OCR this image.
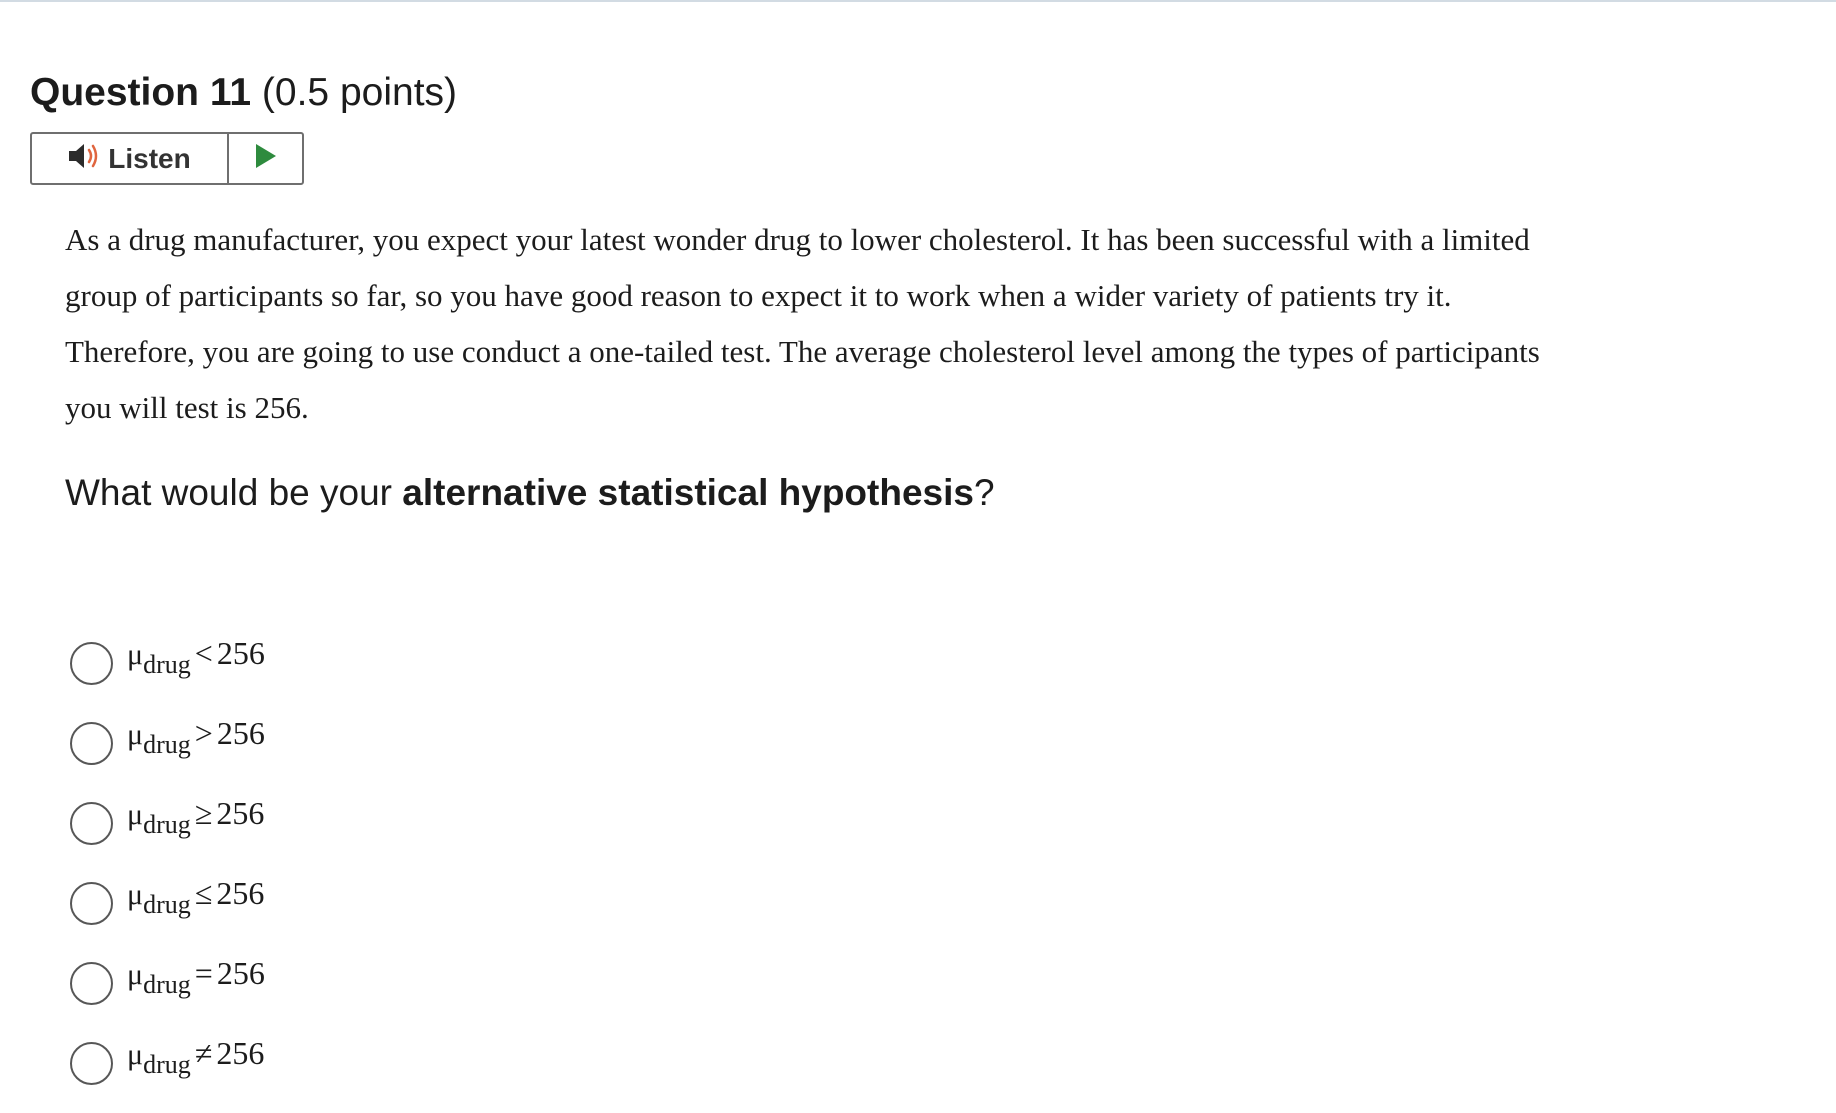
Question 11 (0.5 points)
Listen

As a drug manufacturer, you expect your latest wonder drug to lower cholesterol. It has been successful with a limited group of participants so far, so you have good reason to expect it to work when a wider variety of patients try it. Therefore, you are going to use conduct a one-tailed test. The average cholesterol level among the types of participants you will test is 256.

What would be your alternative statistical hypothesis?
μ drug < 256
μ drug > 256
μ drug ≥ 256
μ drug ≤ 256
μ drug = 256
μ drug ≠ 256
